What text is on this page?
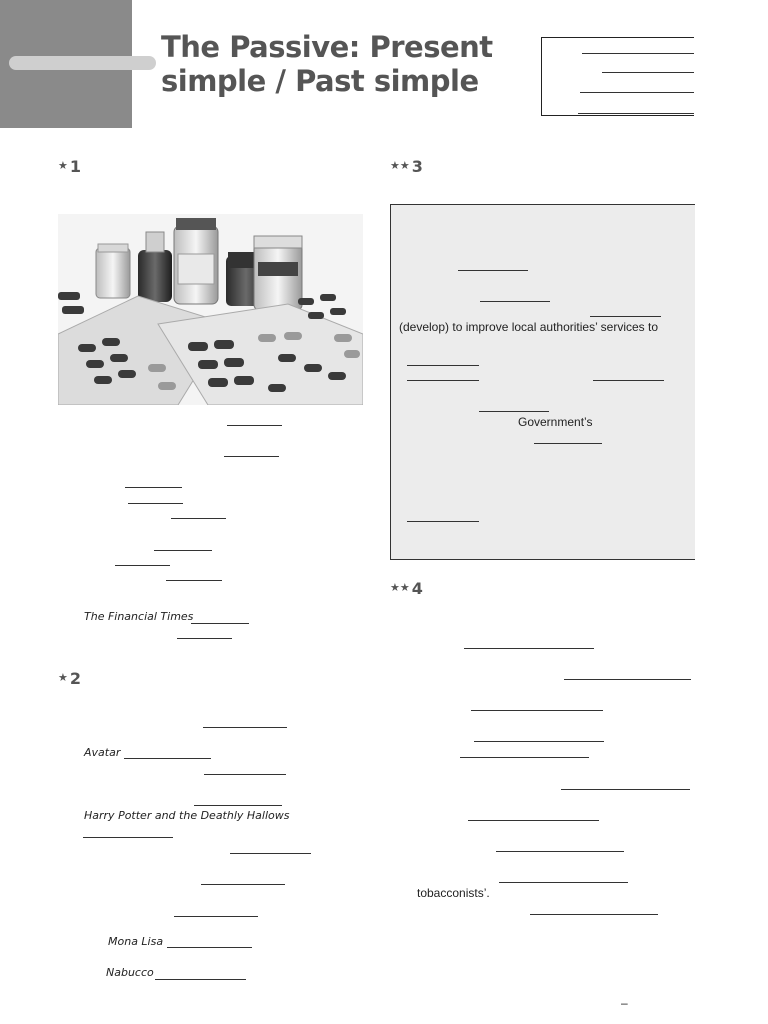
The Passive: Present
simple / Past simple
★ 1
★ 2
★★ 3
★★ 4
The Financial Times
Avatar
Harry Potter and the Deathly Hallows
Mona Lisa
Nabucco
(develop) to improve local authorities’ services to
Government’s
tobacconists’.
–
